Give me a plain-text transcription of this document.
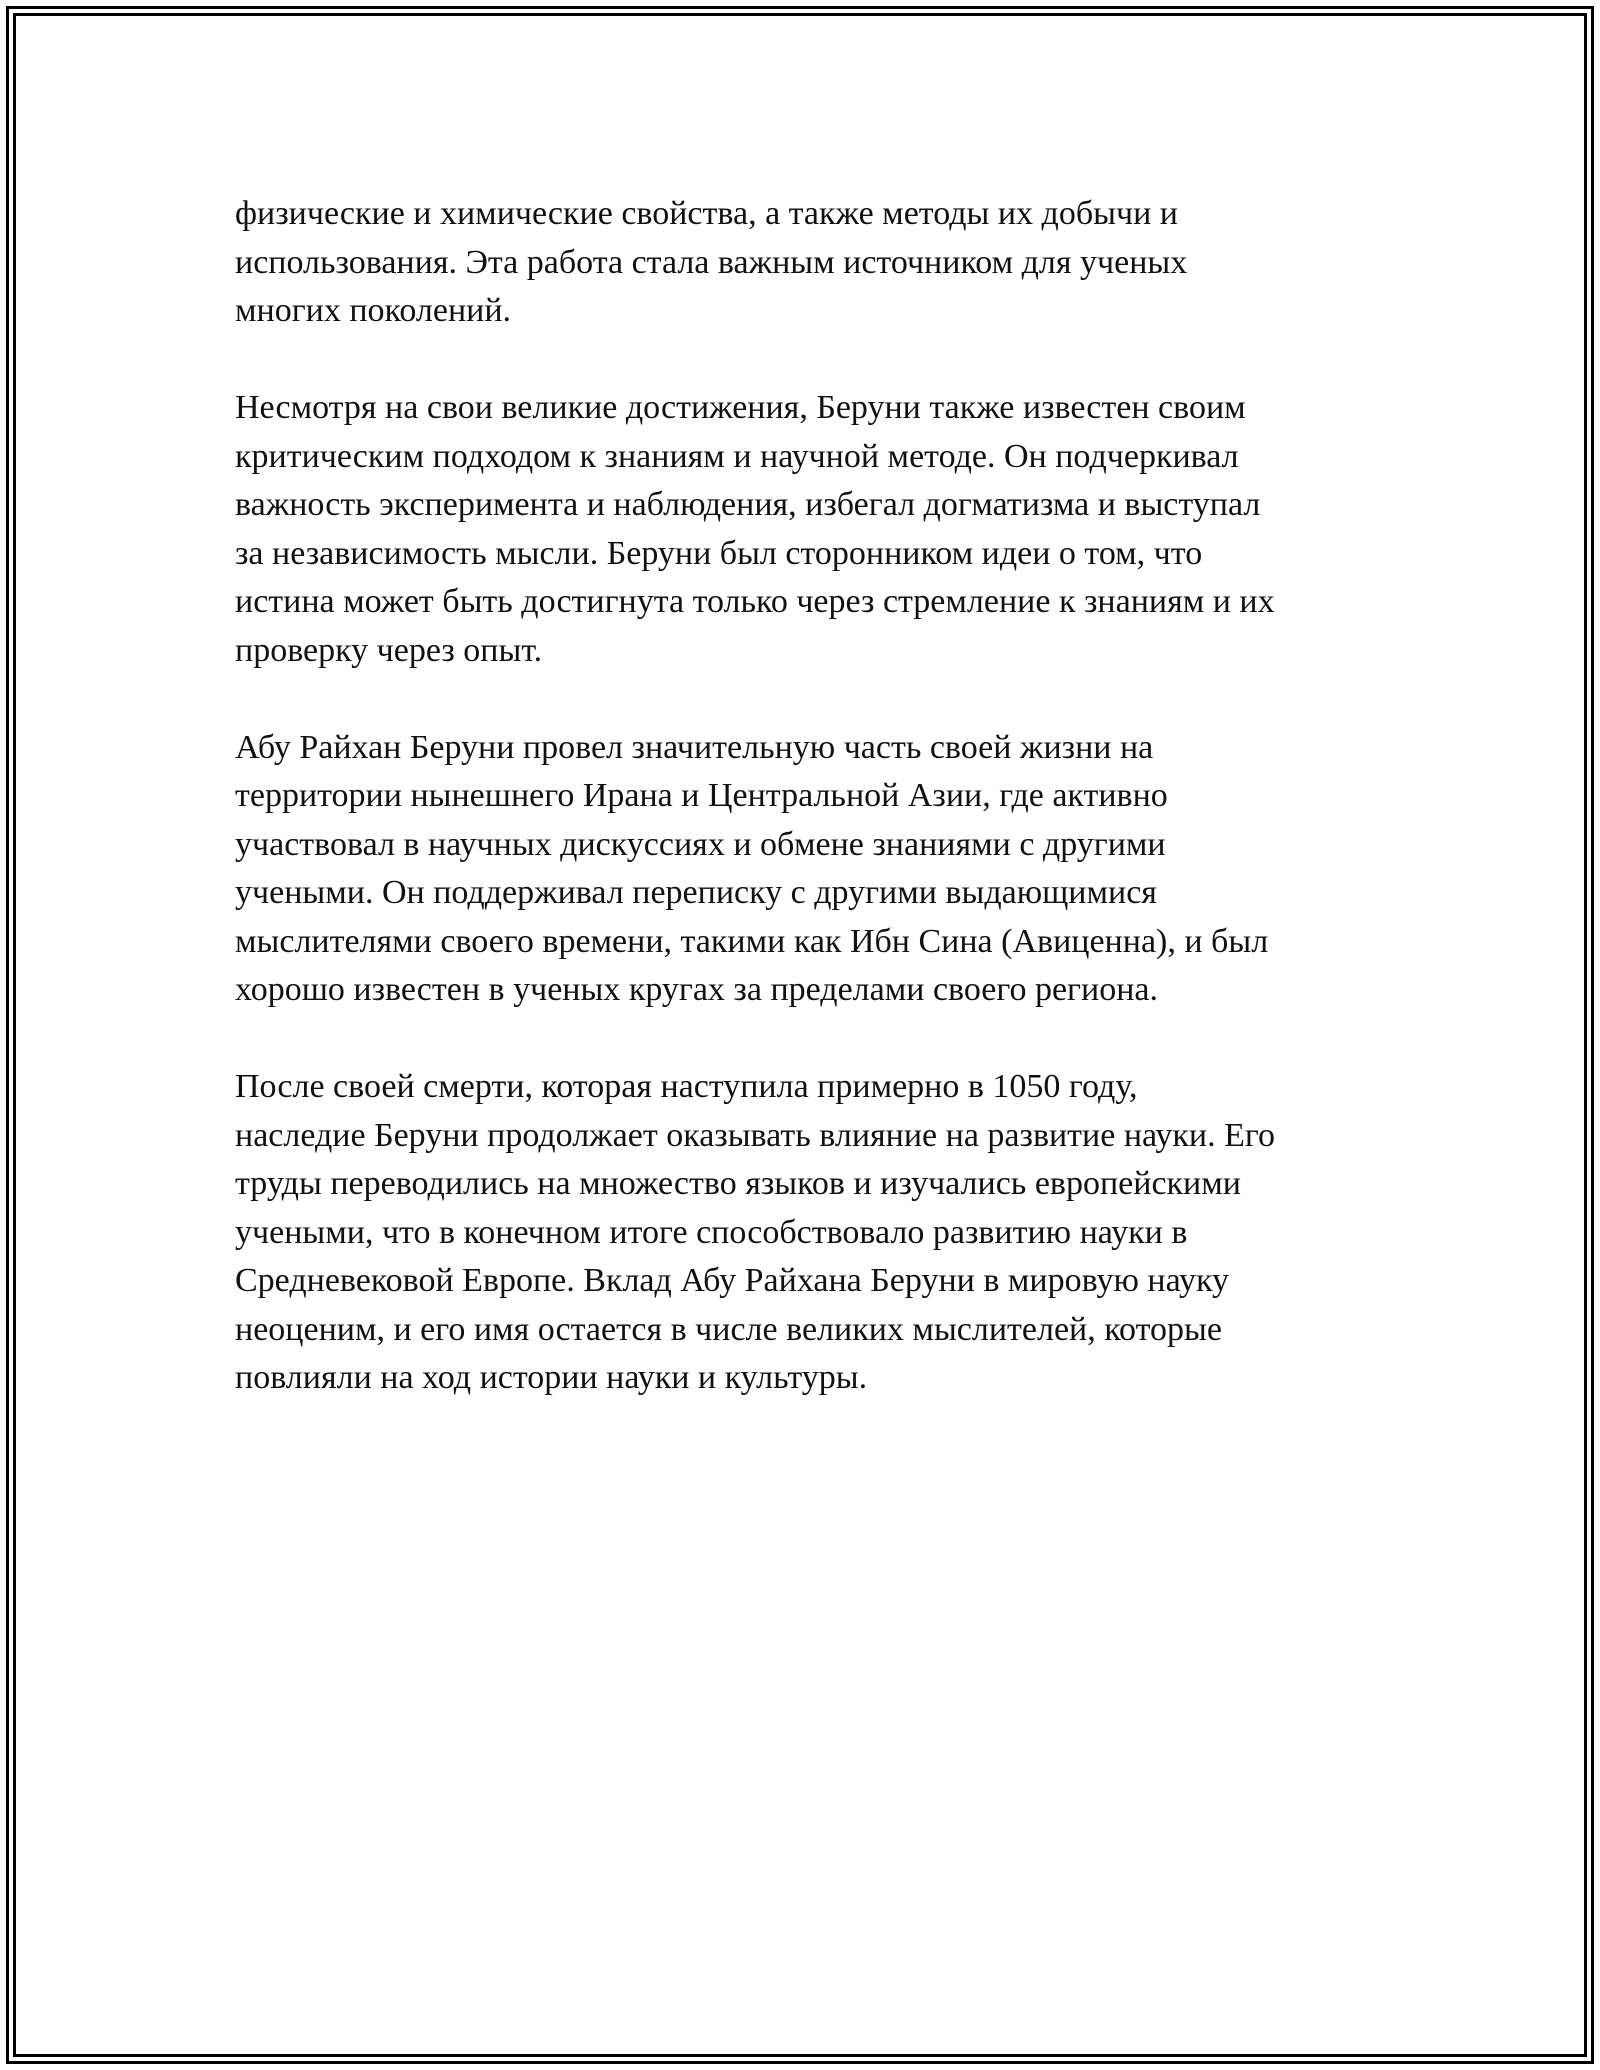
физические и химические свойства, а также методы их добычи и
использования. Эта работа стала важным источником для ученых
многих поколений.

Несмотря на свои великие достижения, Беруни также известен своим
критическим подходом к знаниям и научной методе. Он подчеркивал
важность эксперимента и наблюдения, избегал догматизма и выступал
за независимость мысли. Беруни был сторонником идеи о том, что
истина может быть достигнута только через стремление к знаниям и их
проверку через опыт.

Абу Райхан Беруни провел значительную часть своей жизни на
территории нынешнего Ирана и Центральной Азии, где активно
участвовал в научных дискуссиях и обмене знаниями с другими
учеными. Он поддерживал переписку с другими выдающимися
мыслителями своего времени, такими как Ибн Сина (Авиценна), и был
хорошо известен в ученых кругах за пределами своего региона.

После своей смерти, которая наступила примерно в 1050 году,
наследие Беруни продолжает оказывать влияние на развитие науки. Его
труды переводились на множество языков и изучались европейскими
учеными, что в конечном итоге способствовало развитию науки в
Средневековой Европе. Вклад Абу Райхана Беруни в мировую науку
неоценим, и его имя остается в числе великих мыслителей, которые
повлияли на ход истории науки и культуры.
